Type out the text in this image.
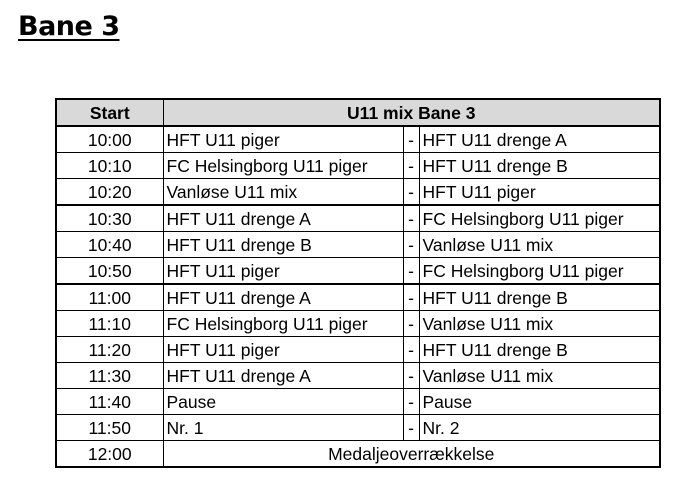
Bane 3
Start	U11 mix Bane 3		
10:00	HFT U11 piger	-	HFT U11 drenge A
10:10	FC Helsingborg U11 piger	-	HFT U11 drenge B
10:20	Vanløse U11 mix	-	HFT U11 piger
10:30	HFT U11 drenge A	-	FC Helsingborg U11 piger
10:40	HFT U11 drenge B	-	Vanløse U11 mix
10:50	HFT U11 piger	-	FC Helsingborg U11 piger
11:00	HFT U11 drenge A	-	HFT U11 drenge B
11:10	FC Helsingborg U11 piger	-	Vanløse U11 mix
11:20	HFT U11 piger	-	HFT U11 drenge B
11:30	HFT U11 drenge A	-	Vanløse U11 mix
11:40	Pause	-	Pause
11:50	Nr. 1	-	Nr. 2
12:00	Medaljeoverrækkelse		
